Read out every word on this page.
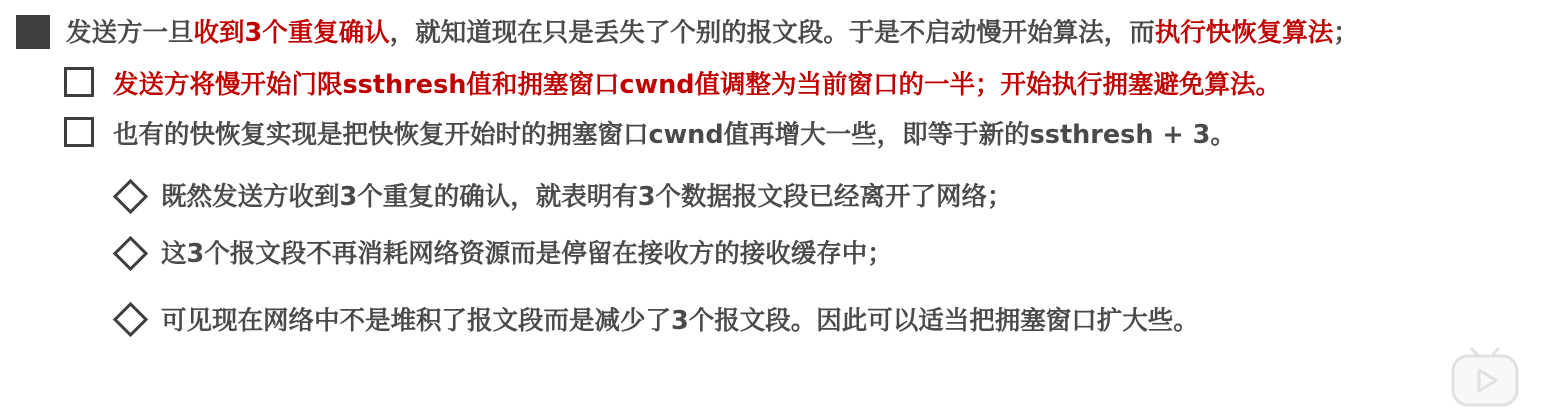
发送方一旦收到3个重复确认，就知道现在只是丢失了个别的报文段。于是不启动慢开始算法，而执行快恢复算法；
发送方将慢开始门限ssthresh值和拥塞窗口cwnd值调整为当前窗口的一半；开始执行拥塞避免算法。
也有的快恢复实现是把快恢复开始时的拥塞窗口cwnd值再增大一些，即等于新的ssthresh + 3。
既然发送方收到3个重复的确认，就表明有3个数据报文段已经离开了网络；
这3个报文段不再消耗网络资源而是停留在接收方的接收缓存中；
可见现在网络中不是堆积了报文段而是减少了3个报文段。因此可以适当把拥塞窗口扩大些。
